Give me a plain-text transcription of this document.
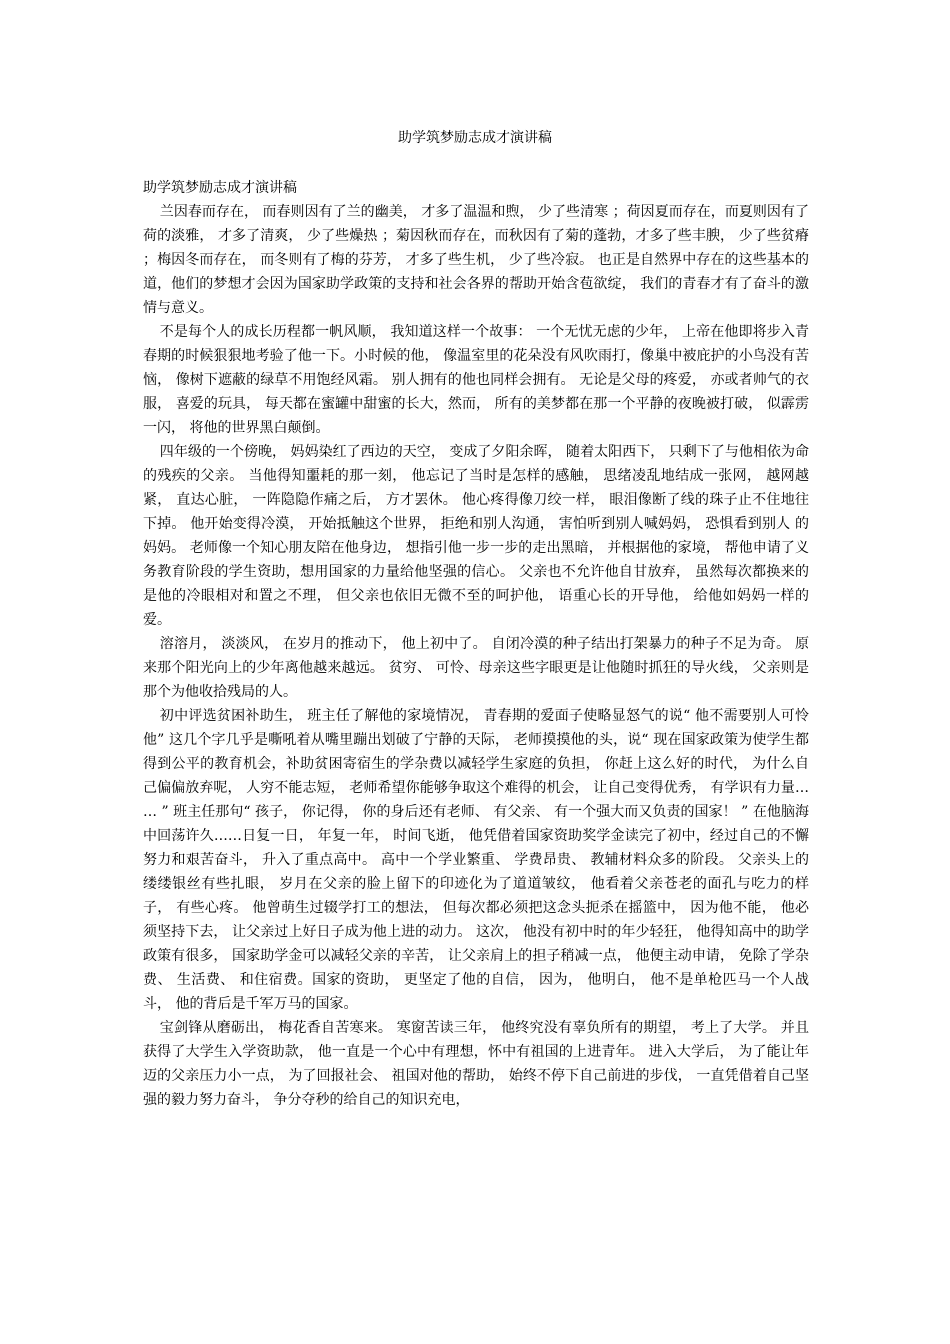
助学筑梦励志成才演讲稿

助学筑梦励志成才演讲稿

兰因春而存在， 而春则因有了兰的幽美， 才多了温温和煦， 少了些清寒 ；荷因夏而存在，而夏则因有了荷的淡雅， 才多了清爽， 少了些燥热 ；菊因秋而存在，而秋因有了菊的蓬勃，才多了些丰腴， 少了些贫瘠 ；梅因冬而存在， 而冬则有了梅的芬芳， 才多了些生机， 少了些冷寂。 也正是自然界中存在的这些基本的道，他们的梦想才会因为国家助学政策的支持和社会各界的帮助开始含苞欲绽， 我们的青春才有了奋斗的激情与意义。

不是每个人的成长历程都一帆风顺， 我知道这样一个故事： 一个无忧无虑的少年， 上帝在他即将步入青春期的时候狠狠地考验了他一下。小时候的他， 像温室里的花朵没有风吹雨打，像巢中被庇护的小鸟没有苦恼， 像树下遮蔽的绿草不用饱经风霜。 别人拥有的他也同样会拥有。 无论是父母的疼爱， 亦或者帅气的衣服， 喜爱的玩具， 每天都在蜜罐中甜蜜的长大，然而， 所有的美梦都在那一个平静的夜晚被打破， 似霹雳一闪， 将他的世界黑白颠倒。

四年级的一个傍晚， 妈妈染红了西边的天空， 变成了夕阳余晖， 随着太阳西下， 只剩下了与他相依为命的残疾的父亲。 当他得知噩耗的那一刻， 他忘记了当时是怎样的感触， 思绪凌乱地结成一张网， 越网越紧， 直达心脏， 一阵隐隐作痛之后， 方才罢休。 他心疼得像刀绞一样， 眼泪像断了线的珠子止不住地往下掉。 他开始变得冷漠， 开始抵触这个世界， 拒绝和别人沟通， 害怕听到别人喊妈妈， 恐惧看到别人 的妈妈。 老师像一个知心朋友陪在他身边， 想指引他一步一步的走出黑暗， 并根据他的家境， 帮他申请了义务教育阶段的学生资助，想用国家的力量给他坚强的信心。 父亲也不允许他自甘放弃， 虽然每次都换来的是他的冷眼相对和置之不理， 但父亲也依旧无微不至的呵护他， 语重心长的开导他， 给他如妈妈一样的爱。

溶溶月， 淡淡风， 在岁月的推动下， 他上初中了。 自闭冷漠的种子结出打架暴力的种子不足为奇。 原来那个阳光向上的少年离他越来越远。 贫穷、 可怜、母亲这些字眼更是让他随时抓狂的导火线， 父亲则是那个为他收拾残局的人。

初中评选贫困补助生， 班主任了解他的家境情况， 青春期的爱面子使略显怒气的说“ 他不需要别人可怜他” 这几个字几乎是嘶吼着从嘴里蹦出划破了宁静的天际， 老师摸摸他的头，说“ 现在国家政策为使学生都得到公平的教育机会，补助贫困寄宿生的学杂费以减轻学生家庭的负担， 你赶上这么好的时代， 为什么自己偏偏放弃呢， 人穷不能志短， 老师希望你能够争取这个难得的机会， 让自己变得优秀， 有学识有力量… … ” 班主任那句“ 孩子， 你记得， 你的身后还有老师、 有父亲、 有一个强大而又负责的国家！ ” 在他脑海中回荡许久……日复一日， 年复一年， 时间飞逝， 他凭借着国家资助奖学金读完了初中，经过自己的不懈努力和艰苦奋斗， 升入了重点高中。 高中一个学业繁重、 学费昂贵、 教辅材料众多的阶段。 父亲头上的缕缕银丝有些扎眼， 岁月在父亲的脸上留下的印迹化为了道道皱纹， 他看着父亲苍老的面孔与吃力的样子， 有些心疼。 他曾萌生过辍学打工的想法， 但每次都必须把这念头扼杀在摇篮中， 因为他不能， 他必须坚持下去， 让父亲过上好日子成为他上进的动力。 这次， 他没有初中时的年少轻狂， 他得知高中的助学政策有很多， 国家助学金可以减轻父亲的辛苦， 让父亲肩上的担子稍减一点， 他便主动申请， 免除了学杂费、 生活费、 和住宿费。国家的资助， 更坚定了他的自信， 因为， 他明白， 他不是单枪匹马一个人战斗， 他的背后是千军万马的国家。

宝剑锋从磨砺出， 梅花香自苦寒来。 寒窗苦读三年， 他终究没有辜负所有的期望， 考上了大学。 并且获得了大学生入学资助款， 他一直是一个心中有理想，怀中有祖国的上进青年。 进入大学后， 为了能让年迈的父亲压力小一点， 为了回报社会、 祖国对他的帮助， 始终不停下自己前进的步伐， 一直凭借着自己坚强的毅力努力奋斗， 争分夺秒的给自己的知识充电，
